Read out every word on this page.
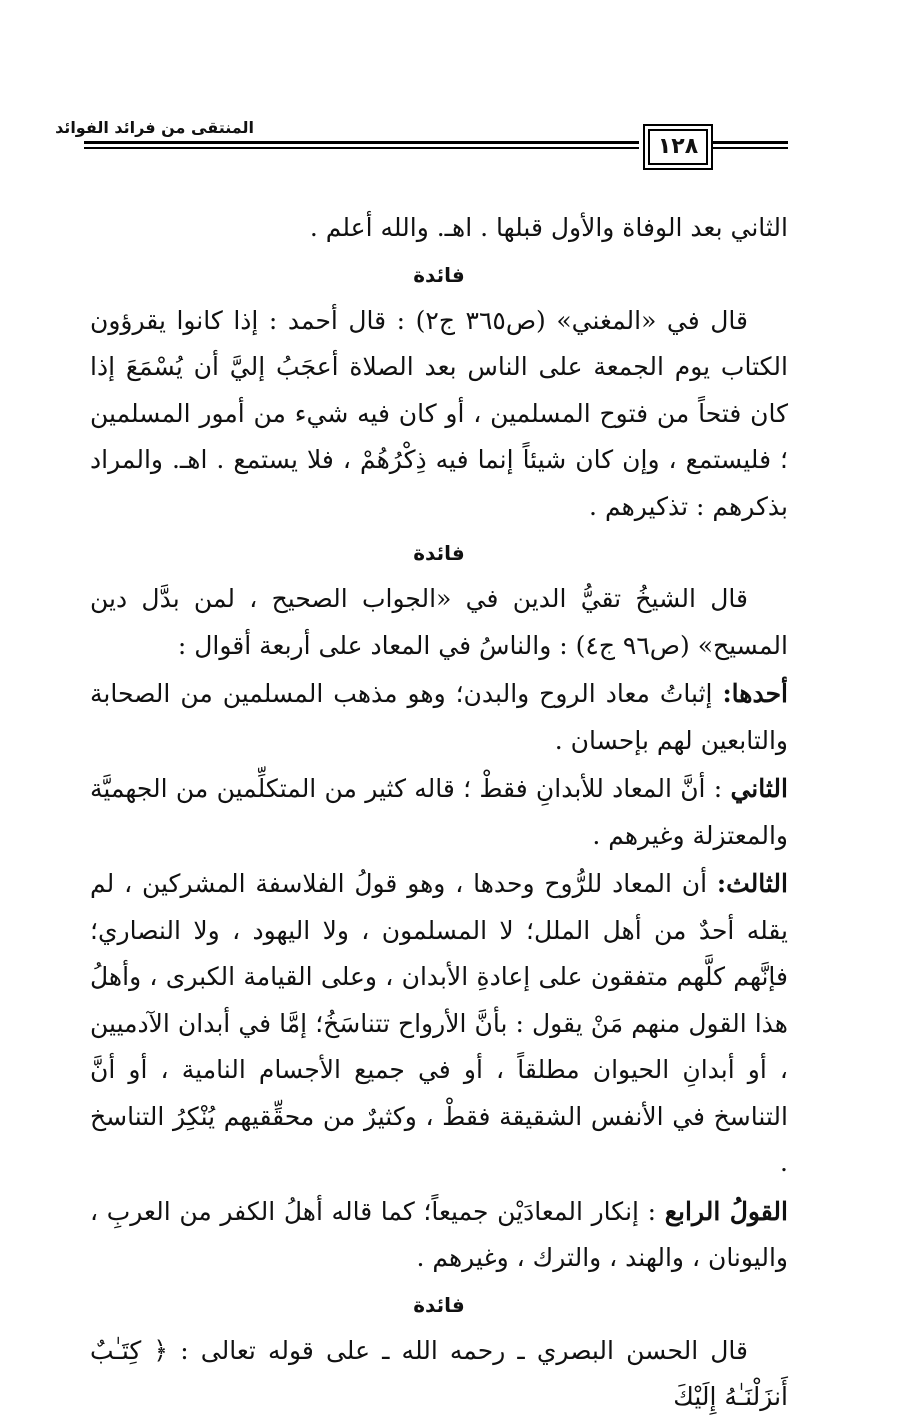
المنتقى من فرائد الفوائد
١٢٨

الثاني بعد الوفاة والأول قبلها . اهـ. والله أعلم .

فائدة

قال في «المغني» (ص٣٦٥ ج٢) : قال أحمد : إذا كانوا يقرؤون الكتاب يوم الجمعة على الناس بعد الصلاة أعجَبُ إليَّ أن يُسْمَعَ إذا كان فتحاً من فتوح المسلمين ، أو كان فيه شيء من أمور المسلمين ؛ فليستمع ، وإن كان شيئاً إنما فيه ذِكْرُهُمْ ، فلا يستمع . اهـ. والمراد بذكرهم : تذكيرهم .

فائدة

قال الشيخُ تقيُّ الدين في «الجواب الصحيح ، لمن بدَّل دين المسيح» (ص٩٦ ج٤) : والناسُ في المعاد على أربعة أقوال :

أحدها: إثباتُ معاد الروح والبدن؛ وهو مذهب المسلمين من الصحابة والتابعين لهم بإحسان .

الثاني : أنَّ المعاد للأبدانِ فقطْ ؛ قاله كثير من المتكلِّمين من الجهميَّة والمعتزلة وغيرهم .

الثالث: أن المعاد للرُّوح وحدها ، وهو قولُ الفلاسفة المشركين ، لم يقله أحدٌ من أهل الملل؛ لا المسلمون ، ولا اليهود ، ولا النصاري؛ فإنَّهم كلَّهم متفقون على إعادةِ الأبدان ، وعلى القيامة الكبرى ، وأهلُ هذا القول منهم مَنْ يقول : بأنَّ الأرواح تتناسَخُ؛ إمَّا في أبدان الآدميين ، أو أبدانِ الحيوان مطلقاً ، أو في جميع الأجسام النامية ، أو أنَّ التناسخ في الأنفس الشقيقة فقطْ ، وكثيرٌ من محقِّقيهم يُنْكِرُ التناسخ .

القولُ الرابع : إنكار المعادَيْن جميعاً؛ كما قاله أهلُ الكفر من العربِ ، واليونان ، والهند ، والترك ، وغيرهم .

فائدة

قال الحسن البصري ـ رحمه الله ـ على قوله تعالى : ﴿ كِتَـٰبٌ أَنزَلْنَـٰهُ إِلَيْكَ
